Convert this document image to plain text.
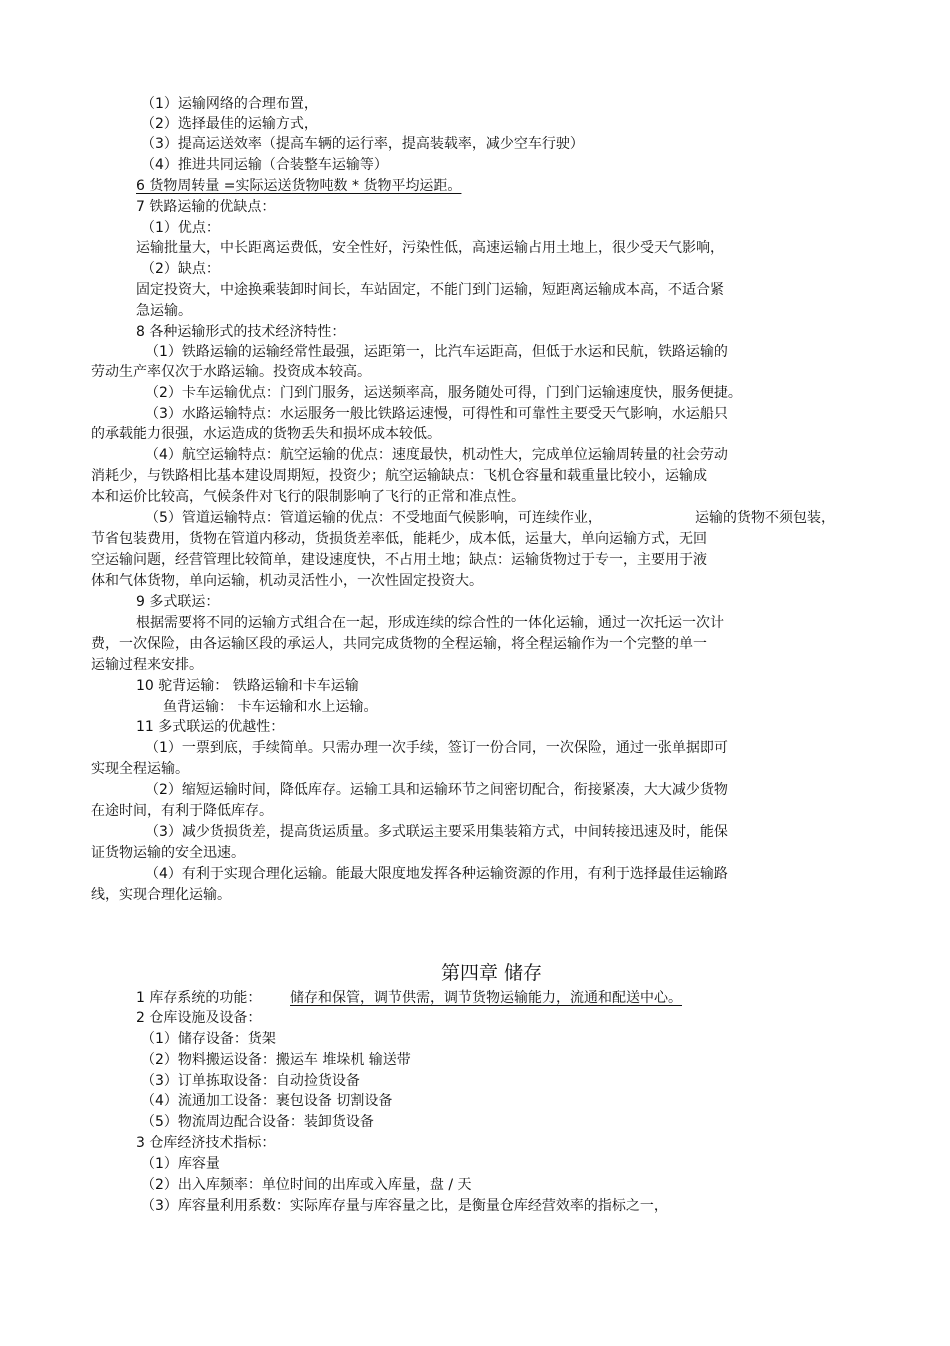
（1）运输网络的合理布置，
（2）选择最佳的运输方式，
（3）提高运送效率（提高车辆的运行率，提高装载率，减少空车行驶）
（4）推进共同运输（合装整车运输等）
6 货物周转量 =实际运送货物吨数 * 货物平均运距。
7 铁路运输的优缺点：
（1）优点：
运输批量大，中长距离运费低，安全性好，污染性低，高速运输占用土地上，很少受天气影响，
（2）缺点：
固定投资大，中途换乘装卸时间长，车站固定，不能门到门运输，短距离运输成本高，不适合紧
急运输。
8 各种运输形式的技术经济特性：
（1）铁路运输的运输经常性最强，运距第一，比汽车运距高，但低于水运和民航，铁路运输的
劳动生产率仅次于水路运输。投资成本较高。
（2）卡车运输优点：门到门服务，运送频率高，服务随处可得，门到门运输速度快，服务便捷。
（3）水路运输特点：水运服务一般比铁路运速慢，可得性和可靠性主要受天气影响，水运船只
的承载能力很强，水运造成的货物丢失和损坏成本较低。
（4）航空运输特点：航空运输的优点：速度最快，机动性大，完成单位运输周转量的社会劳动
消耗少，与铁路相比基本建设周期短，投资少；航空运输缺点：飞机仓容量和载重量比较小，运输成
本和运价比较高，气候条件对飞行的限制影响了飞行的正常和准点性。
（5）管道运输特点：管道运输的优点：不受地面气候影响，可连续作业，	运输的货物不须包装，
节省包装费用，货物在管道内移动，货损货差率低，能耗少，成本低，运量大，单向运输方式，无回
空运输问题，经营管理比较简单，建设速度快，不占用土地；缺点：运输货物过于专一，主要用于液
体和气体货物，单向运输，机动灵活性小，一次性固定投资大。
9 多式联运：
根据需要将不同的运输方式组合在一起，形成连续的综合性的一体化运输，通过一次托运一次计
费，一次保险，由各运输区段的承运人，共同完成货物的全程运输，将全程运输作为一个完整的单一
运输过程来安排。
10 驼背运输： 铁路运输和卡车运输
鱼背运输： 卡车运输和水上运输。
11 多式联运的优越性：
（1）一票到底，手续简单。只需办理一次手续，签订一份合同，一次保险，通过一张单据即可
实现全程运输。
（2）缩短运输时间，降低库存。运输工具和运输环节之间密切配合，衔接紧凑，大大减少货物
在途时间，有利于降低库存。
（3）减少货损货差，提高货运质量。多式联运主要采用集装箱方式，中间转接迅速及时，能保
证货物运输的安全迅速。
（4）有利于实现合理化运输。能最大限度地发挥各种运输资源的作用，有利于选择最佳运输路
线，实现合理化运输。
第四章 储存
1 库存系统的功能： 储存和保管，调节供需，调节货物运输能力，流通和配送中心。
2 仓库设施及设备：
（1）储存设备：货架
（2）物料搬运设备：搬运车 堆垛机 输送带
（3）订单拣取设备：自动捡货设备
（4）流通加工设备：裹包设备 切割设备
（5）物流周边配合设备：装卸货设备
3 仓库经济技术指标：
（1）库容量
（2）出入库频率：单位时间的出库或入库量，盘 / 天
（3）库容量利用系数：实际库存量与库容量之比，是衡量仓库经营效率的指标之一，
